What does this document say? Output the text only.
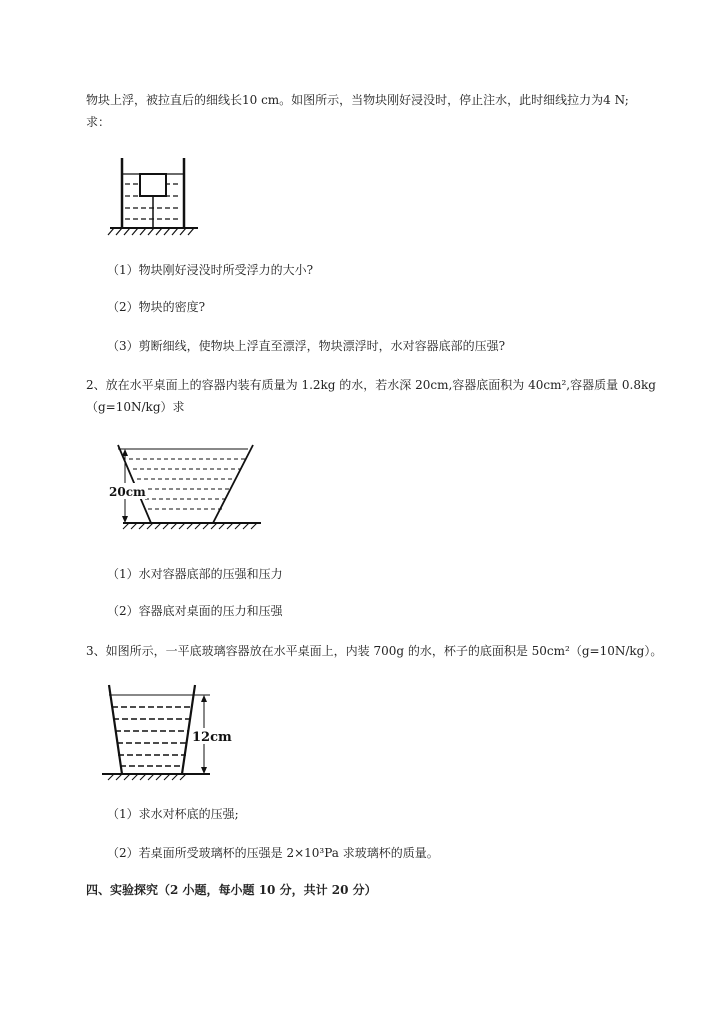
物块上浮，被拉直后的细线长10 cm。如图所示，当物块刚好浸没时，停止注水，此时细线拉力为4 N;
求：
（1）物块刚好浸没时所受浮力的大小?
（2）物块的密度?
（3）剪断细线，使物块上浮直至漂浮，物块漂浮时，水对容器底部的压强?
2、放在水平桌面上的容器内装有质量为 1.2kg 的水，若水深 20cm,容器底面积为 40cm²,容器质量 0.8kg
（g=10N/kg）求
20cm
（1）水对容器底部的压强和压力
（2）容器底对桌面的压力和压强
3、如图所示，一平底玻璃容器放在水平桌面上，内装 700g 的水，杯子的底面积是 50cm²（g=10N/kg）。
12cm
（1）求水对杯底的压强;
（2）若桌面所受玻璃杯的压强是 2×10³Pa 求玻璃杯的质量。
四、实验探究（2 小题，每小题 10 分，共计 20 分）
